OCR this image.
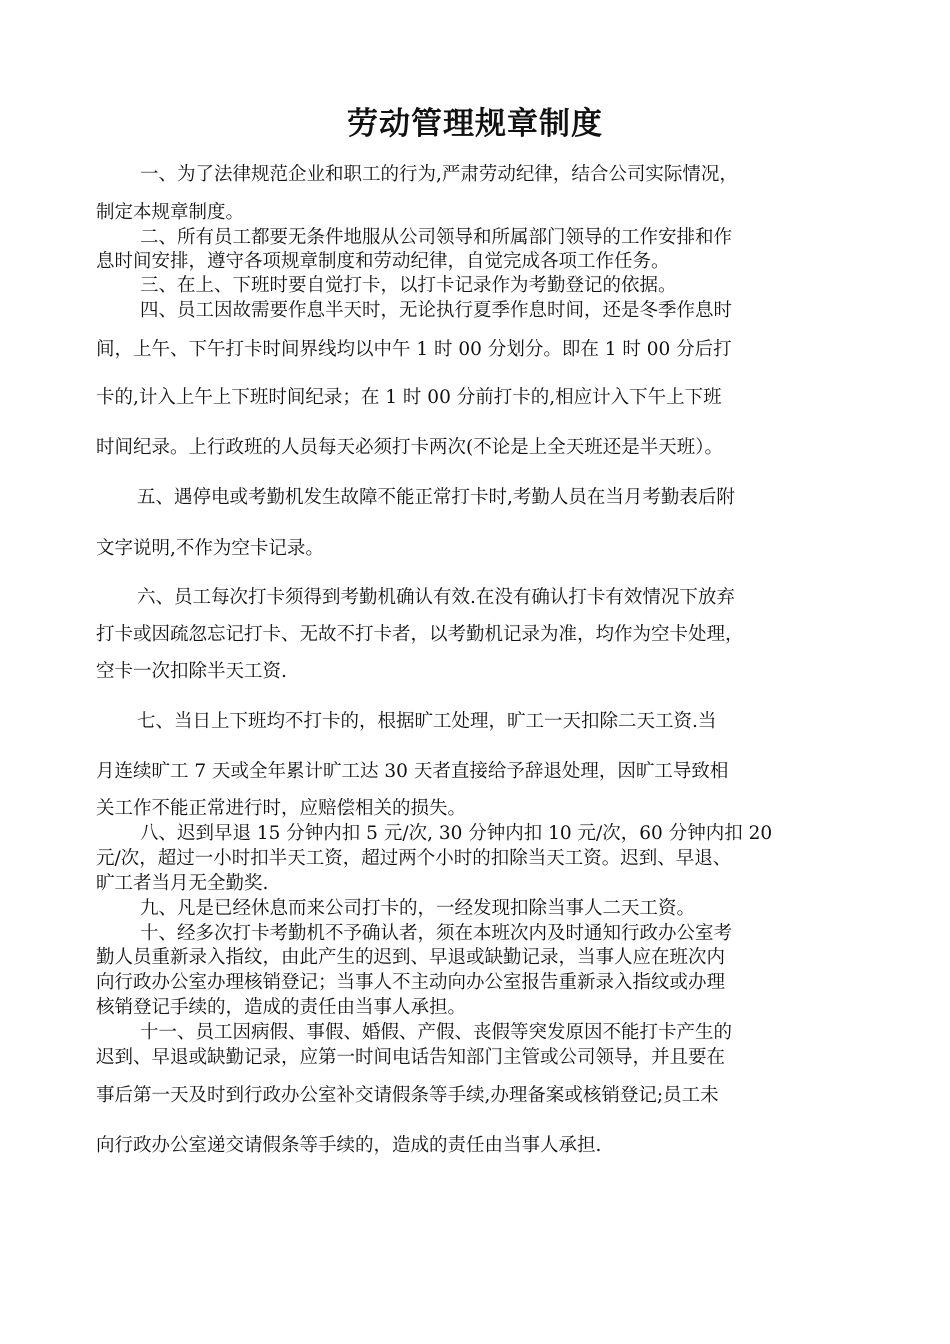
劳动管理规章制度

一、为了法律规范企业和职工的行为,严肃劳动纪律，结合公司实际情况，

制定本规章制度。

二、所有员工都要无条件地服从公司领导和所属部门领导的工作安排和作

息时间安排，遵守各项规章制度和劳动纪律，自觉完成各项工作任务。

三、在上、下班时要自觉打卡，以打卡记录作为考勤登记的依据。

四、员工因故需要作息半天时，无论执行夏季作息时间，还是冬季作息时

间，上午、下午打卡时间界线均以中午 1 时 00 分划分。即在 1 时 00 分后打

卡的,计入上午上下班时间纪录；在 1 时 00 分前打卡的,相应计入下午上下班

时间纪录。上行政班的人员每天必须打卡两次(不论是上全天班还是半天班）。

五、遇停电或考勤机发生故障不能正常打卡时,考勤人员在当月考勤表后附

文字说明,不作为空卡记录。

六、员工每次打卡须得到考勤机确认有效.在没有确认打卡有效情况下放弃

打卡或因疏忽忘记打卡、无故不打卡者，以考勤机记录为准，均作为空卡处理，

空卡一次扣除半天工资.

七、当日上下班均不打卡的，根据旷工处理，旷工一天扣除二天工资.当

月连续旷工 7 天或全年累计旷工达 30 天者直接给予辞退处理，因旷工导致相

关工作不能正常进行时，应赔偿相关的损失。

八、迟到早退 15 分钟内扣 5 元/次, 30 分钟内扣 10 元/次，60 分钟内扣 20

元/次，超过一小时扣半天工资，超过两个小时的扣除当天工资。迟到、早退、

旷工者当月无全勤奖.

九、凡是已经休息而来公司打卡的，一经发现扣除当事人二天工资。

十、经多次打卡考勤机不予确认者，须在本班次内及时通知行政办公室考

勤人员重新录入指纹，由此产生的迟到、早退或缺勤记录，当事人应在班次内

向行政办公室办理核销登记；当事人不主动向办公室报告重新录入指纹或办理

核销登记手续的，造成的责任由当事人承担。

十一、员工因病假、事假、婚假、产假、丧假等突发原因不能打卡产生的

迟到、早退或缺勤记录，应第一时间电话告知部门主管或公司领导，并且要在

事后第一天及时到行政办公室补交请假条等手续,办理备案或核销登记;员工未

向行政办公室递交请假条等手续的，造成的责任由当事人承担.
